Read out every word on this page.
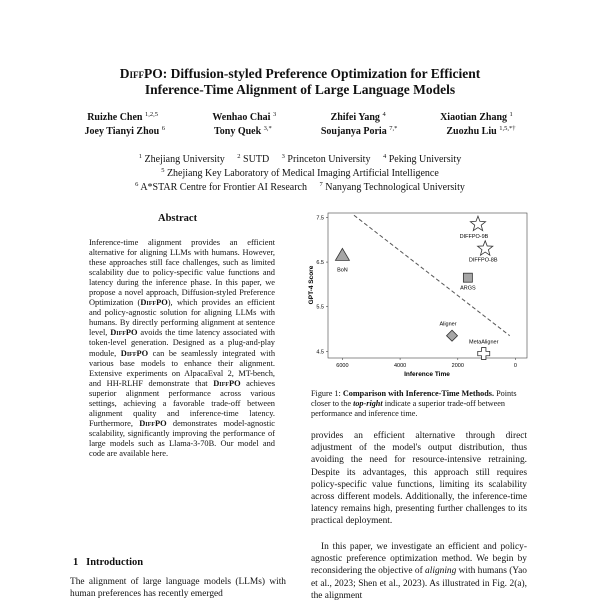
DiffPO: Diffusion-styled Preference Optimization for Efficient
Inference-Time Alignment of Large Language Models
Ruizhe Chen $^{1,2,5}$	Wenhao Chai $^3$	Zhifei Yang $^4$	Xiaotian Zhang $^1$
Joey Tianyi Zhou $^6$	Tony Quek $^{3,*}$	Soujanya Poria $^{7,*}$	Zuozhu Liu $^{1,5,*\dagger}$
$^1$ Zhejiang University $^2$ SUTD $^3$ Princeton University $^4$ Peking University
$^5$ Zhejiang Key Laboratory of Medical Imaging Artificial Intelligence
$^6$ A*STAR Centre for Frontier AI Research $^7$ Nanyang Technological University
Abstract
Inference-time alignment provides an efficient alternative for aligning LLMs with humans. However, these approaches still face challenges, such as limited scalability due to policy-specific value functions and latency during the inference phase. In this paper, we propose a novel approach, Diffusion-styled Preference Optimization (DiffPO), which provides an efficient and policy-agnostic solution for aligning LLMs with humans. By directly performing alignment at sentence level, DiffPO avoids the time latency associated with token-level generation. Designed as a plug-and-play module, DiffPO can be seamlessly integrated with various base models to enhance their alignment. Extensive experiments on AlpacaEval 2, MT-bench, and HH-RLHF demonstrate that DiffPO achieves superior alignment performance across various settings, achieving a favorable trade-off between alignment quality and inference-time latency. Furthermore, DiffPO demonstrates model-agnostic scalability, significantly improving the performance of large models such as Llama-3-70B. Our model and code are available here.
1 Introduction
The alignment of large language models (LLMs) with human preferences has recently emerged
6000	4000	2000	0
4.5
5.5
6.5
7.5
BoN
DIFFPO-9B
DIFFPO-8B
ARGS
Aligner
MetaAligner
Inference Time
GPT-4 Score
Figure 1: Comparison with Inference-Time Methods. Points closer to the top-right indicate a superior trade-off between performance and inference time.
provides an efficient alternative through direct adjustment of the model's output distribution, thus avoiding the need for resource-intensive retraining. Despite its advantages, this approach still requires policy-specific value functions, limiting its scalability across different models. Additionally, the inference-time latency remains high, presenting further challenges to its practical deployment.
In this paper, we investigate an efficient and policy-agnostic preference optimization method. We begin by reconsidering the objective of aligning with humans (Yao et al., 2023; Shen et al., 2023). As illustrated in Fig. 2(a), the alignment
